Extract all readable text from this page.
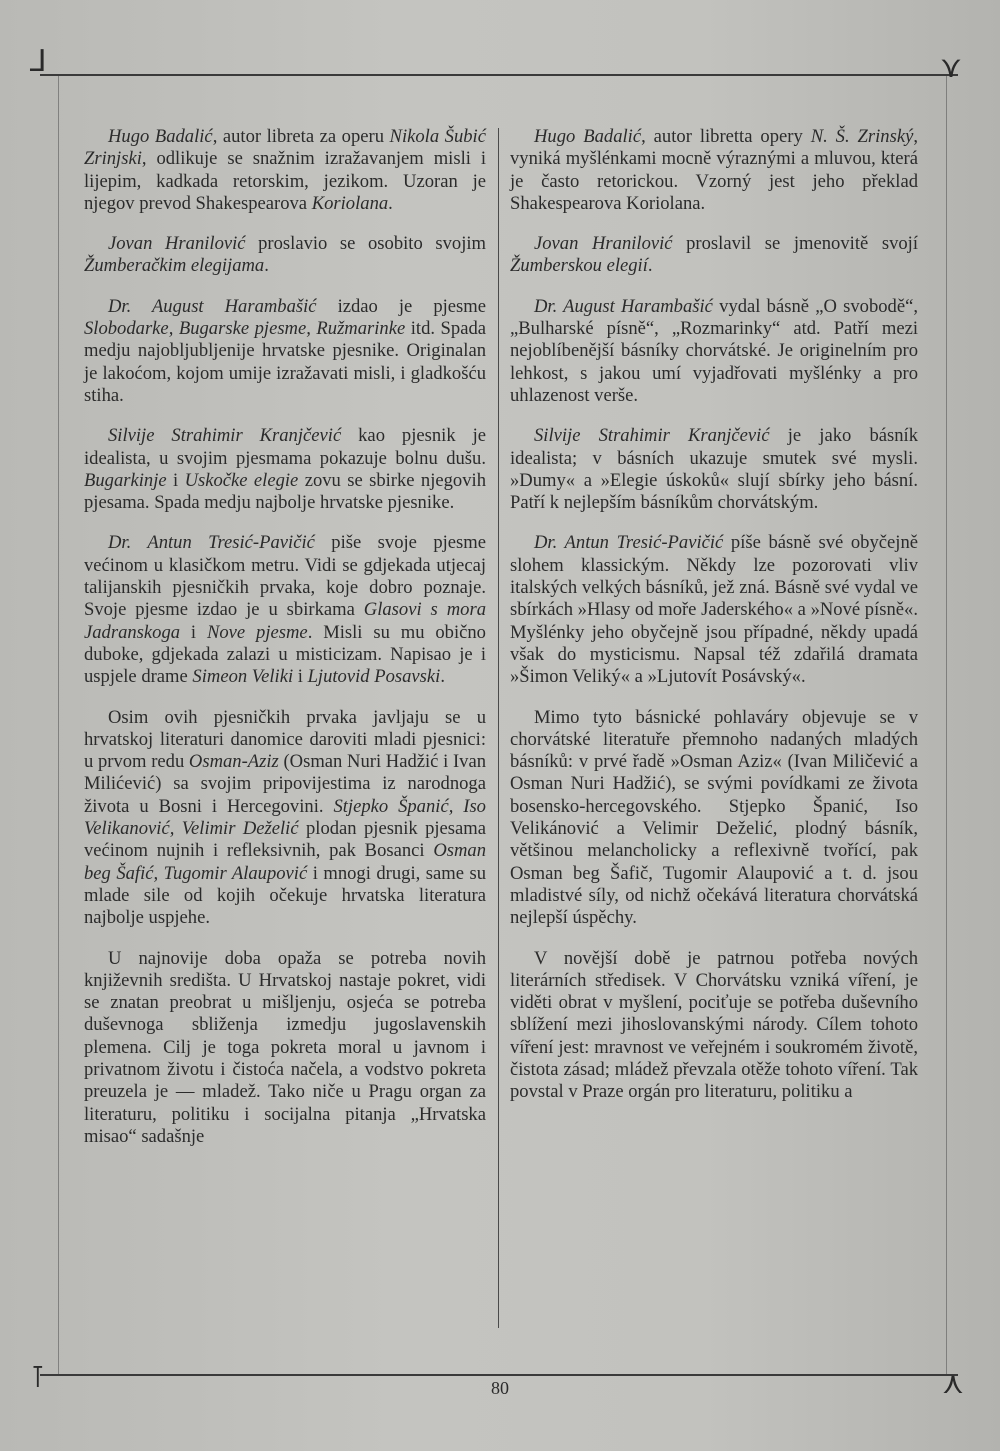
⅃	⋎
⊺	⋏

Hugo Badalić, autor libreta za operu Nikola Šubić Zrinjski, odlikuje se snažnim izražavanjem misli i lijepim, kadkada retorskim, jezikom. Uzoran je njegov prevod Shakespearova Koriolana.

Jovan Hranilović proslavio se osobito svojim Žumberačkim elegijama.

Dr. August Harambašić izdao je pjesme Slobodarke, Bugarske pjesme, Ružmarinke itd. Spada medju najobljubljenije hrvatske pjesnike. Originalan je lakoćom, kojom umije izražavati misli, i gladkošću stiha.

Silvije Strahimir Kranjčević kao pjesnik je idealista, u svojim pjesmama pokazuje bolnu dušu. Bugarkinje i Uskočke elegie zovu se sbirke njegovih pjesama. Spada medju najbolje hrvatske pjesnike.

Dr. Antun Tresić-Pavičić piše svoje pjesme većinom u klasičkom metru. Vidi se gdjekada utjecaj talijanskih pjesničkih prvaka, koje dobro poznaje. Svoje pjesme izdao je u sbirkama Glasovi s mora Jadranskoga i Nove pjesme. Misli su mu obično duboke, gdjekada zalazi u misticizam. Napisao je i uspjele drame Simeon Veliki i Ljutovid Posavski.

Osim ovih pjesničkih prvaka javljaju se u hrvatskoj literaturi danomice daroviti mladi pjesnici: u prvom redu Osman-Aziz (Osman Nuri Hadžić i Ivan Milićević) sa svojim pripovijestima iz narodnoga života u Bosni i Hercegovini. Stjepko Španić, Iso Velikanović, Velimir Deželić plodan pjesnik pjesama većinom nujnih i refleksivnih, pak Bosanci Osman beg Šafić, Tugomir Alaupović i mnogi drugi, same su mlade sile od kojih očekuje hrvatska literatura najbolje uspjehe.

U najnovije doba opaža se potreba novih književnih središta. U Hrvatskoj nastaje pokret, vidi se znatan preobrat u mišljenju, osjeća se potreba duševnoga sbliženja izmedju jugoslavenskih plemena. Cilj je toga pokreta moral u javnom i privatnom životu i čistoća načela, a vodstvo pokreta preuzela je — mladež. Tako niče u Pragu organ za literaturu, politiku i socijalna pitanja „Hrvatska misao“ sadašnje

Hugo Badalić, autor libretta opery N. Š. Zrinský, vyniká myšlénkami mocně výraznými a mluvou, která je často retorickou. Vzorný jest jeho překlad Shakespearova Koriolana.

Jovan Hranilović proslavil se jmenovitě svojí Žumberskou elegií.

Dr. August Harambašić vydal básně „O svobodě“, „Bulharské písně“, „Rozmarinky“ atd. Patří mezi nejoblíbenější básníky chorvátské. Je originelním pro lehkost, s jakou umí vyjadřovati myšlénky a pro uhlazenost verše.

Silvije Strahimir Kranjčević je jako básník idealista; v básních ukazuje smutek své mysli. »Dumy« a »Elegie úskoků« slují sbírky jeho básní. Patří k nejlepším básníkům chorvátským.

Dr. Antun Tresić-Pavičić píše básně své obyčejně slohem klassickým. Někdy lze pozorovati vliv italských velkých básníků, jež zná. Básně své vydal ve sbírkách »Hlasy od moře Jaderského« a »Nové písně«. Myšlénky jeho obyčejně jsou případné, někdy upadá však do mysticismu. Napsal též zdařilá dramata »Šimon Veliký« a »Ljutovít Posávský«.

Mimo tyto básnické pohlaváry objevuje se v chorvátské literatuře přemnoho nadaných mladých básníků: v prvé řadě »Osman Aziz« (Ivan Miličević a Osman Nuri Hadžić), se svými povídkami ze života bosensko-hercegovského. Stjepko Španić, Iso Velikánović a Velimir Deželić, plodný básník, většinou melancholicky a reflexivně tvořící, pak Osman beg Šafič, Tugomir Alaupović a t. d. jsou mladistvé síly, od nichž očekává literatura chorvátská nejlepší úspěchy.

V novější době je patrnou potřeba nových literárních středisek. V Chorvátsku vzniká víření, je viděti obrat v myšlení, pociťuje se potřeba duševního sblížení mezi jihoslovanskými národy. Cílem tohoto víření jest: mravnost ve veřejném i soukromém životě, čistota zásad; mládež převzala otěže tohoto víření. Tak povstal v Praze orgán pro literaturu, politiku a

80
